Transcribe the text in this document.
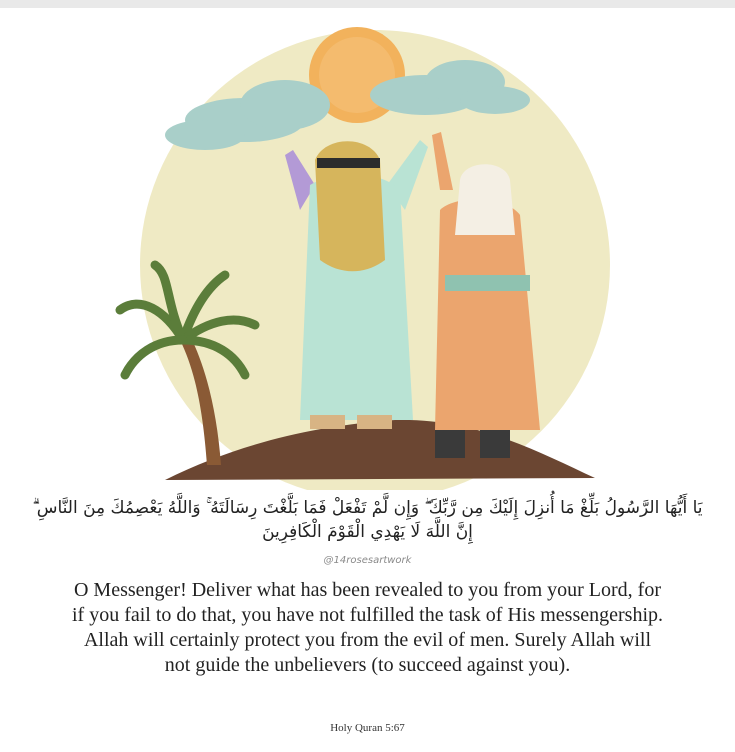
يَا أَيُّهَا الرَّسُولُ بَلِّغْ مَا أُنزِلَ إِلَيْكَ مِن رَّبِّكَ ۖ وَإِن لَّمْ تَفْعَلْ فَمَا بَلَّغْتَ رِسَالَتَهُ ۚ وَاللَّهُ يَعْصِمُكَ مِنَ النَّاسِ ۗ إِنَّ اللَّهَ لَا يَهْدِي الْقَوْمَ الْكَافِرِينَ
@14rosesartwork
O Messenger! Deliver what has been revealed to you from your Lord, for if you fail to do that, you have not fulfilled the task of His messengership. Allah will certainly protect you from the evil of men. Surely Allah will not guide the unbelievers (to succeed against you).
Holy Quran 5:67
